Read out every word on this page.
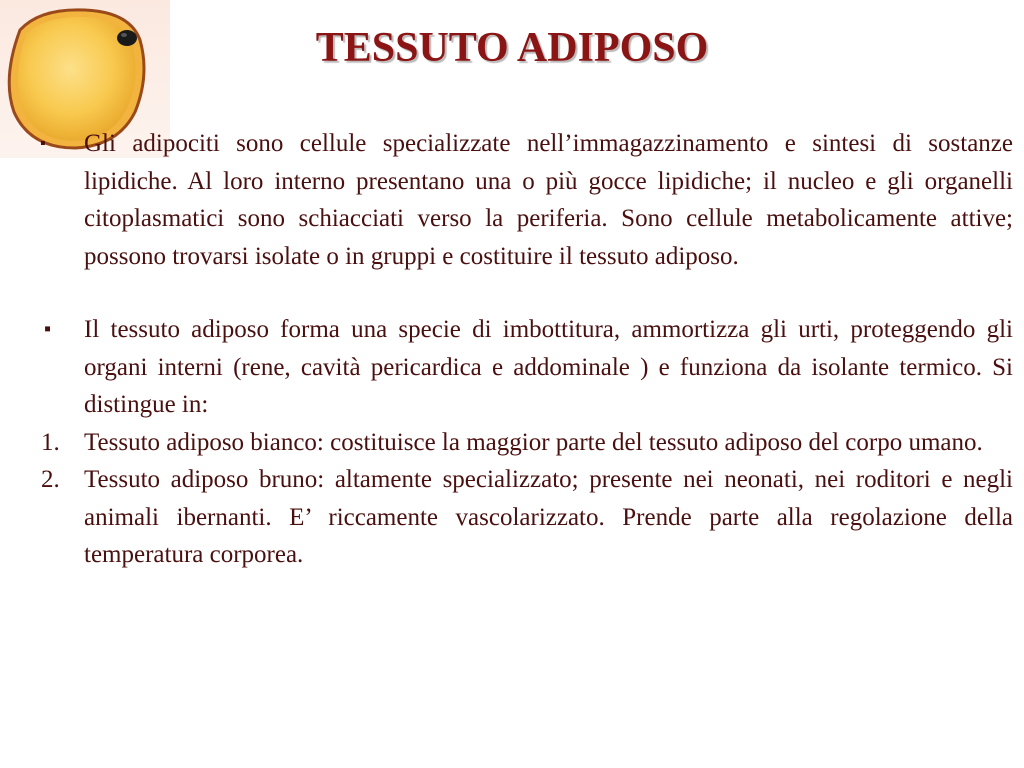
TESSUTO ADIPOSO
▪ Gli adipociti sono cellule specializzate nell’immagazzinamento e sintesi di sostanze lipidiche. Al loro interno presentano una o più gocce lipidiche; il nucleo e gli organelli citoplasmatici sono schiacciati verso la periferia. Sono cellule metabolicamente attive; possono trovarsi isolate o in gruppi e costituire il tessuto adiposo.
▪ Il tessuto adiposo forma una specie di imbottitura, ammortizza gli urti, proteggendo gli organi interni (rene, cavità pericardica e addominale ) e funziona da isolante termico. Si distingue in:
1. Tessuto adiposo bianco: costituisce la maggior parte del tessuto adiposo del corpo umano.
2. Tessuto adiposo bruno: altamente specializzato; presente nei neonati, nei roditori e negli animali ibernanti. E’ riccamente vascolarizzato. Prende parte alla regolazione della temperatura corporea.
